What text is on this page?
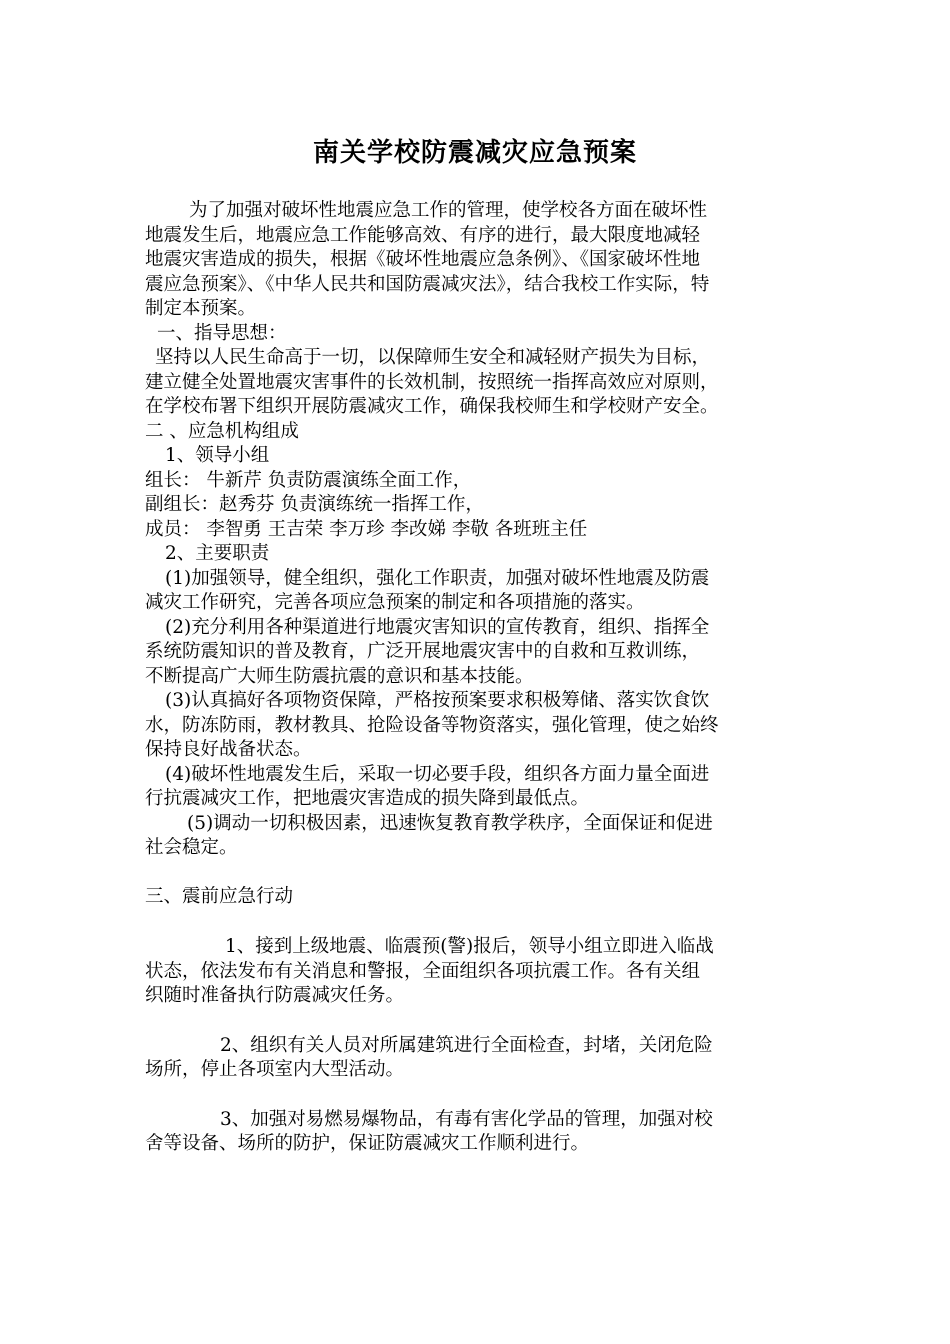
南关学校防震减灾应急预案

为了加强对破坏性地震应急工作的管理，使学校各方面在破坏性

地震发生后，地震应急工作能够高效、有序的进行，最大限度地减轻

地震灾害造成的损失，根据《破坏性地震应急条例》、《国家破坏性地

震应急预案》、《中华人民共和国防震减灾法》，结合我校工作实际，特

制定本预案。

一、指导思想：

坚持以人民生命高于一切，以保障师生安全和减轻财产损失为目标，

建立健全处置地震灾害事件的长效机制，按照统一指挥高效应对原则，

在学校布署下组织开展防震减灾工作，确保我校师生和学校财产安全。

二 、应急机构组成

1、领导小组

组长： 牛新芹 负责防震演练全面工作，

副组长：赵秀芬 负责演练统一指挥工作，

成员： 李智勇 王吉荣 李万珍 李改娣 李敬 各班班主任

2、主要职责

(1)加强领导，健全组织，强化工作职责，加强对破坏性地震及防震

减灾工作研究，完善各项应急预案的制定和各项措施的落实。

(2)充分利用各种渠道进行地震灾害知识的宣传教育，组织、指挥全

系统防震知识的普及教育，广泛开展地震灾害中的自救和互救训练，

不断提高广大师生防震抗震的意识和基本技能。

(3)认真搞好各项物资保障，严格按预案要求积极筹储、落实饮食饮

水，防冻防雨，教材教具、抢险设备等物资落实，强化管理，使之始终

保持良好战备状态。

(4)破坏性地震发生后，采取一切必要手段，组织各方面力量全面进

行抗震减灾工作，把地震灾害造成的损失降到最低点。

(5)调动一切积极因素，迅速恢复教育教学秩序，全面保证和促进

社会稳定。

三、震前应急行动

1、接到上级地震、临震预(警)报后，领导小组立即进入临战

状态，依法发布有关消息和警报，全面组织各项抗震工作。各有关组

织随时准备执行防震减灾任务。

2、组织有关人员对所属建筑进行全面检查，封堵，关闭危险

场所，停止各项室内大型活动。

3、加强对易燃易爆物品，有毒有害化学品的管理，加强对校

舍等设备、场所的防护，保证防震减灾工作顺利进行。
